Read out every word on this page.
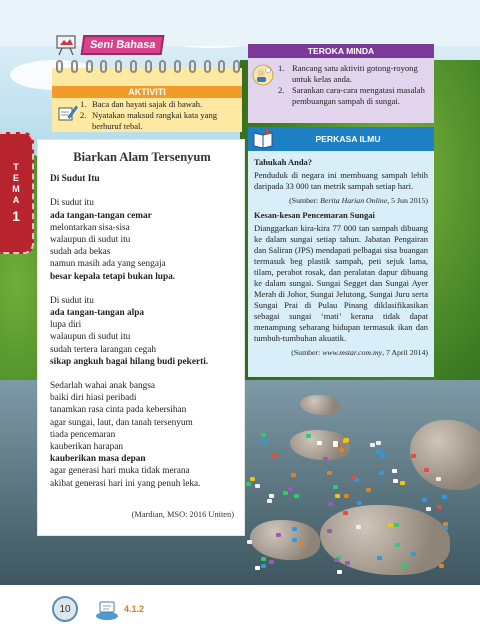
T
E
M
A
1
Seni Bahasa
AKTIVITI
1. Baca dan hayati sajak di bawah.
2. Nyatakan maksud rangkai kata yang berhuruf tebal.
Biarkan Alam Tersenyum
Di Sudut Itu
Di sudut itu
ada tangan-tangan cemar
melontarkan sisa-sisa
walaupun di sudut itu
sudah ada bekas
namun masih ada yang sengaja
besar kepala tetapi bukan lupa.
Di sudut itu
ada tangan-tangan alpa
lupa diri
walaupun di sudut itu
sudah tertera larangan cegah
sikap angkuh bagai hilang budi pekerti.
Sedarlah wahai anak bangsa
baiki diri hiasi peribadi
tanamkan rasa cinta pada kebersihan
agar sungai, laut, dan tanah tersenyum
tiada pencemaran
kauberikan harapan
kauberikan masa depan
agar generasi hari muka tidak merana
akibat generasi hari ini yang penuh leka.
(Mardian, MSO: 2016 Uniten)
TEROKA MINDA
1. Rancang satu aktiviti gotong-royong untuk kelas anda.
2. Sarankan cara-cara mengatasi masalah pembuangan sampah di sungai.
PERKASA ILMU
Tahukah Anda?
Penduduk di negara ini membuang sampah lebih daripada 33 000 tan metrik sampah setiap hari.
(Sumber: Berita Harian Online, 5 Jun 2015)
Kesan-kesan Pencemaran Sungai
Dianggarkan kira-kira 77 000 tan sampah dibuang ke dalam sungai setiap tahun. Jabatan Pengairan dan Saliran (JPS) mendapati pelbagai sisa buangan termasuk beg plastik sampah, peti sejuk lama, tilam, perabot rosak, dan peralatan dapur dibuang ke dalam sungai. Sungai Segget dan Sungai Ayer Merah di Johor, Sungai Jelutong, Sungai Juru serta Sungai Prai di Pulau Pinang diklasifikasikan sebagai sungai ‘mati’ kerana tidak dapat menampung sebarang hidupan termasuk ikan dan tumbuh-tumbuhan akuatik.
(Sumber: www.mstar.com.my, 7 April 2014)
10	4.1.2
